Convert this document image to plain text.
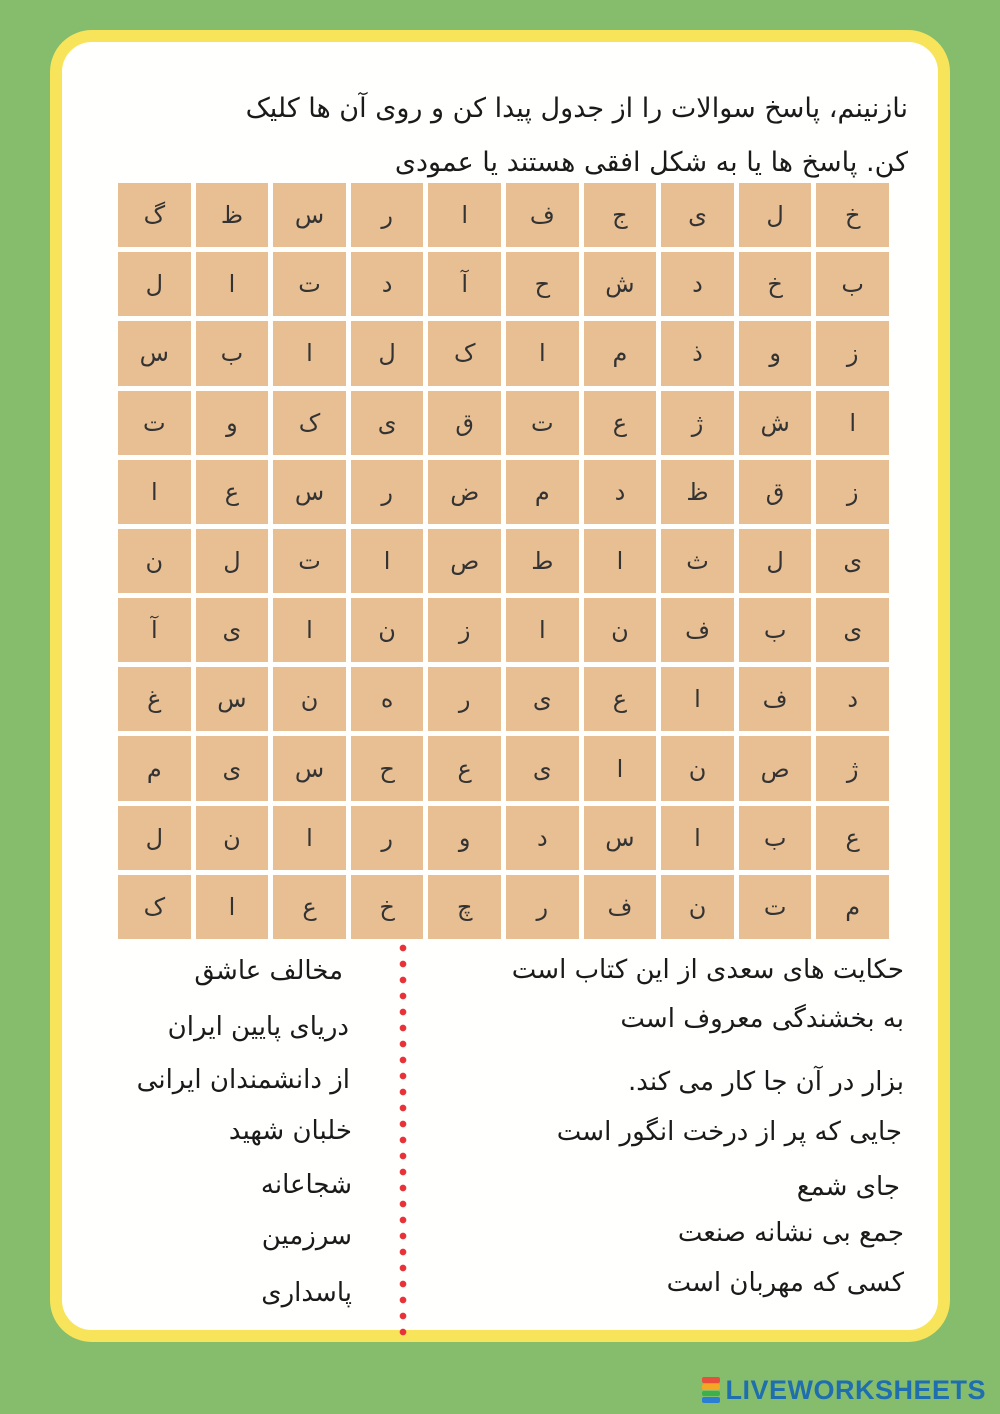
نازنینم، پاسخ سوالات را از جدول پیدا کن و روی آن ها کلیک
کن. پاسخ ها یا به شکل افقی هستند یا عمودی
خ
ل
ی
ج
ف
ا
ر
س
ظ
گ
ب
خ
د
ش
ح
آ
د
ت
ا
ل
ز
و
ذ
م
ا
ک
ل
ا
ب
س
ا
ش
ژ
ع
ت
ق
ی
ک
و
ت
ز
ق
ظ
د
م
ض
ر
س
ع
ا
ی
ل
ث
ا
ط
ص
ا
ت
ل
ن
ی
ب
ف
ن
ا
ز
ن
ا
ی
آ
د
ف
ا
ع
ی
ر
ه
ن
س
غ
ژ
ص
ن
ا
ی
ع
ح
س
ی
م
ع
ب
ا
س
د
و
ر
ا
ن
ل
م
ت
ن
ف
ر
چ
خ
ع
ا
ک
حکایت های سعدی از این کتاب است
به بخشندگی معروف است
بزار در آن جا کار می کند.
جایی که پر از درخت انگور است
جای شمع
جمع بی نشانه صنعت
کسی که مهربان است
مخالف عاشق
دریای پایین ایران
از دانشمندان ایرانی
خلبان شهید
شجاعانه
سرزمین
پاسداری
LIVEWORKSHEETS
